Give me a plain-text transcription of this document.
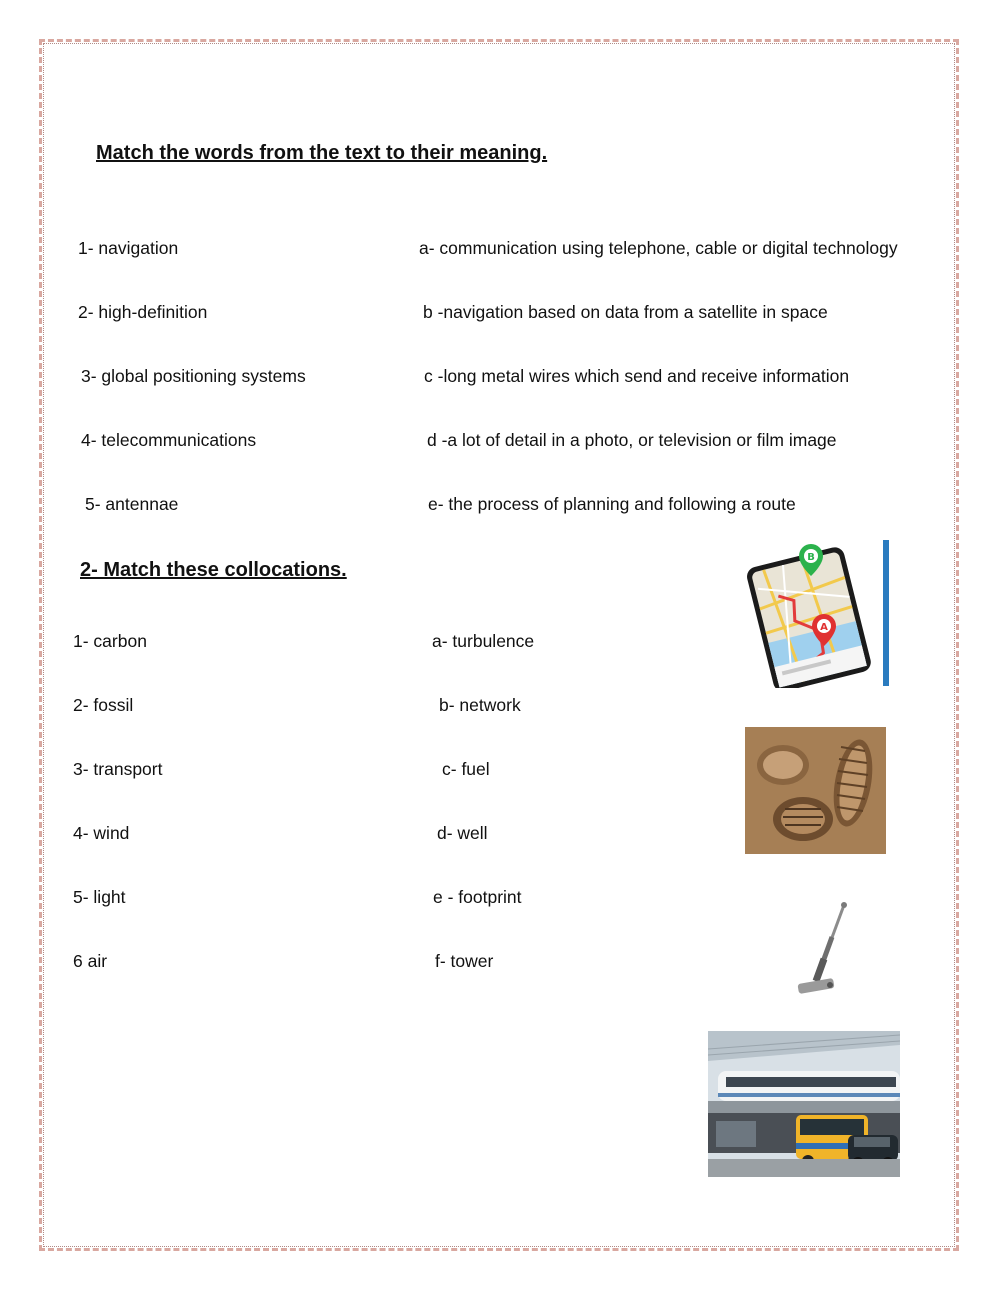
Match the words from the text to their meaning.
1- navigation
2- high-definition
3- global positioning systems
4- telecommunications
5- antennae
a- communication using telephone, cable or digital technology
b -navigation based on data from a satellite in space
c -long metal wires which send and receive information
d -a lot of detail in a photo, or television or film image
e- the process of planning and following a route
2- Match these collocations.
1- carbon
2- fossil
3- transport
4- wind
5- light
6 air
a- turbulence
b- network
c- fuel
d- well
e - footprint
f- tower
A
B
